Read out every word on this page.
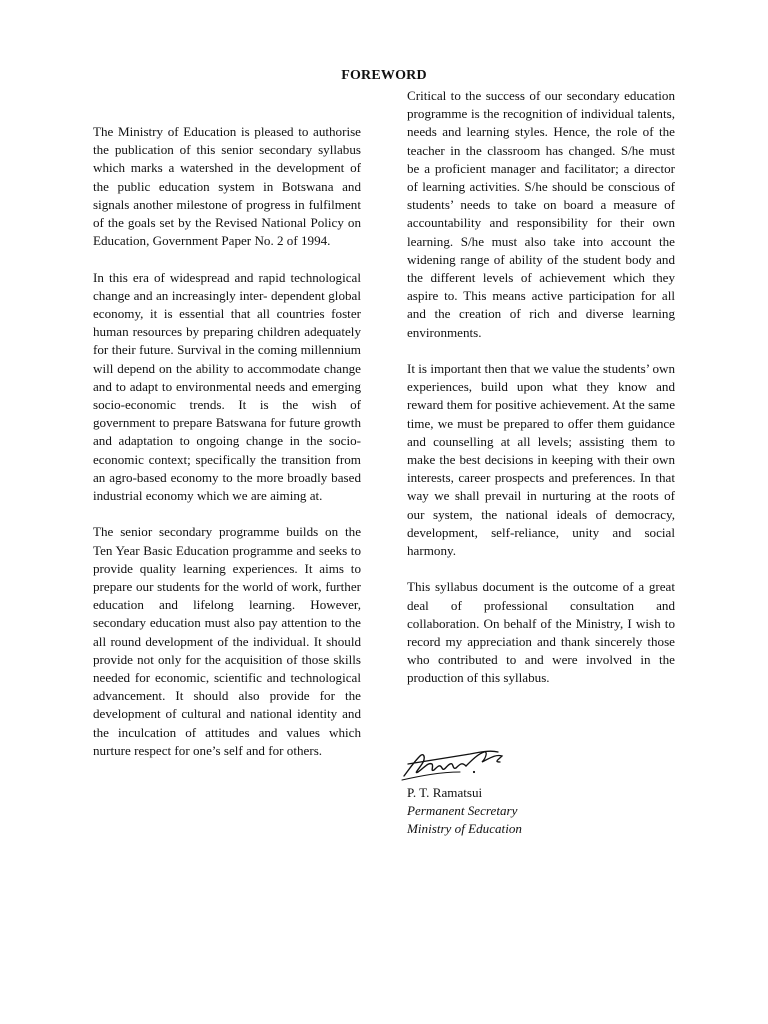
FOREWORD

The Ministry of Education is pleased to authorise the publication of this senior secondary syllabus which marks a watershed in the development of the public education system in Botswana and signals another milestone of progress in fulfilment of the goals set by the Revised National Policy on Education, Government Paper No. 2 of 1994.

In this era of widespread and rapid technological change and an increasingly inter- dependent global economy, it is essential that all countries foster human resources by preparing children adequately for their future. Survival in the coming millennium will depend on the ability to accommodate change and to adapt to environmental needs and emerging socio-economic trends. It is the wish of government to prepare Batswana for future growth and adaptation to ongoing change in the socio-economic context; specifically the transition from an agro-based economy to the more broadly based industrial economy which we are aiming at.

The senior secondary programme builds on the Ten Year Basic Education programme and seeks to provide quality learning experiences. It aims to prepare our students for the world of work, further education and lifelong learning. However, secondary education must also pay attention to the all round development of the individual. It should provide not only for the acquisition of those skills needed for economic, scientific and technological advancement. It should also provide for the development of cultural and national identity and the inculcation of attitudes and values which nurture respect for one’s self and for others.

Critical to the success of our secondary education programme is the recognition of individual talents, needs and learning styles. Hence, the role of the teacher in the classroom has changed. S/he must be a proficient manager and facilitator; a director of learning activities. S/he should be conscious of students’ needs to take on board a measure of accountability and responsibility for their own learning. S/he must also take into account the widening range of ability of the student body and the different levels of achievement which they aspire to. This means active participation for all and the creation of rich and diverse learning environments.

It is important then that we value the students’ own experiences, build upon what they know and reward them for positive achievement. At the same time, we must be prepared to offer them guidance and counselling at all levels; assisting them to make the best decisions in keeping with their own interests, career prospects and preferences. In that way we shall prevail in nurturing at the roots of our system, the national ideals of democracy, development, self-reliance, unity and social harmony.

This syllabus document is the outcome of a great deal of professional consultation and collaboration. On behalf of the Ministry, I wish to record my appreciation and thank sincerely those who contributed to and were involved in the production of this syllabus.

P. T. Ramatsui
Permanent Secretary
Ministry of Education
